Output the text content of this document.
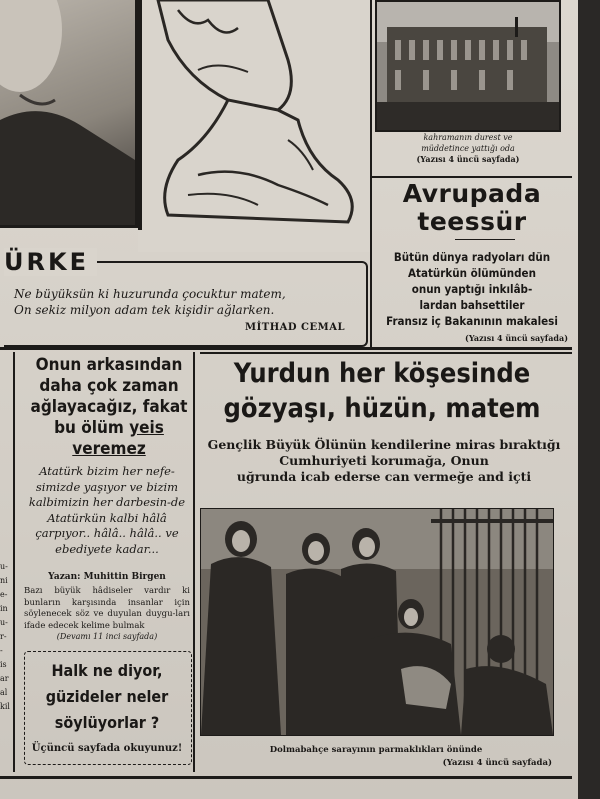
kahramanın durest ve
müddetince yattığı oda
(Yazısı 4 üncü sayfada)
Avrupada teessür
Bütün dünya radyoları dün
Atatürkün ölümünden
onun yaptığı inkılâb-
lardan bahsettiler
Fransız iç Bakanının makalesi
(Yazısı 4 üncü sayfada)
ÜRKE
Ne büyüksün ki huzurunda çocuktur matem,
On sekiz milyon adam tek kişidir ağlarken.
MİTHAD CEMAL
Onun arkasından daha çok zaman ağlayacağız, fakat bu ölüm yeis veremez
Atatürk bizim her nefe-simizde yaşıyor ve bizim kalbimizin her darbesin-de Atatürkün kalbi hâlâ çarpıyor.. hâlâ.. hâlâ.. ve ebediyete kadar...
Yazan: Muhittin Birgen
Bazı büyük hâdiseler vardır ki bunların karşısında insanlar için söylenecek söz ve duyulan duygu-ları ifade edecek kelime bulmak
(Devamı 11 inci sayfada)
Halk ne diyor,
güzideler neler
söylüyorlar ?
Üçüncü sayfada okuyunuz!
u-
ni
e-
in
u-
r-
-
is
ar
al
kil
Yurdun her köşesinde
gözyaşı, hüzün, matem
Gençlik Büyük Ölünün kendilerine miras bıraktığı
Cumhuriyeti korumağa, Onun
uğrunda icab ederse can vermeğe and içti
Dolmabahçe sarayının parmaklıkları önünde
(Yazısı 4 üncü sayfada)
